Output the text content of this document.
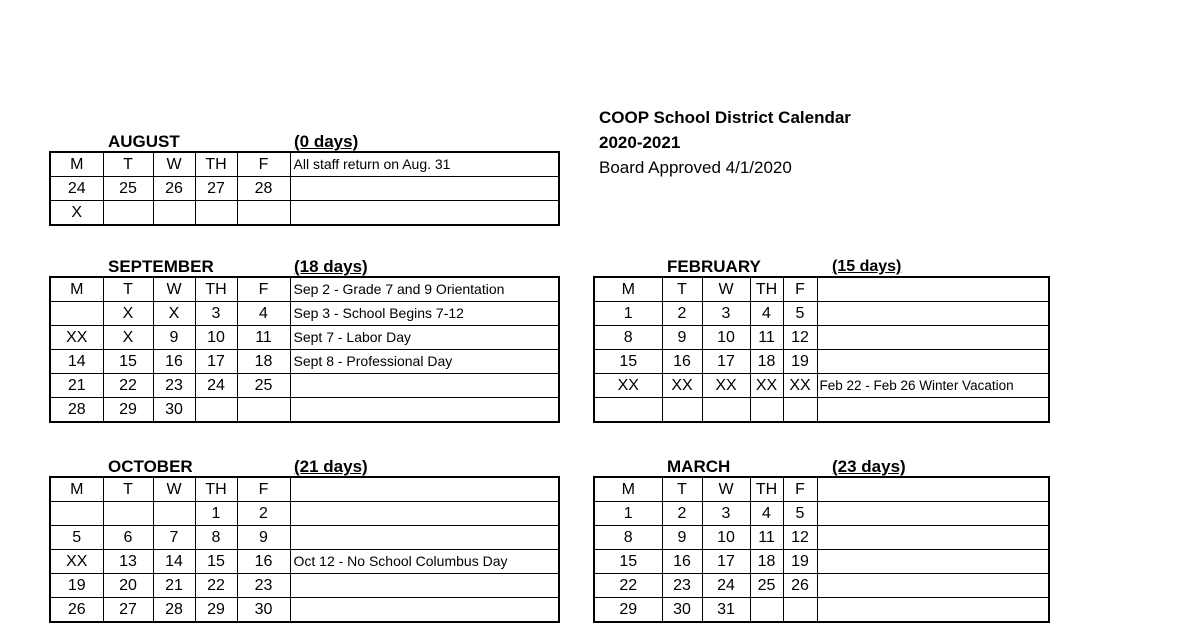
COOP School District Calendar
2020-2021
Board Approved 4/1/2020
AUGUST	(0 days)
M	T	W	TH	F	All staff return on Aug. 31
24	25	26	27	28	
X					
SEPTEMBER	(18 days)
M	T	W	TH	F	Sep 2 - Grade 7 and 9 Orientation
	X	X	3	4	Sep 3 - School Begins 7-12
XX	X	9	10	11	Sept 7 - Labor Day
14	15	16	17	18	Sept 8 - Professional Day
21	22	23	24	25	
28	29	30			
OCTOBER	(21 days)
M	T	W	TH	F	
			1	2	
5	6	7	8	9	
XX	13	14	15	16	Oct 12 - No School Columbus Day
19	20	21	22	23	
26	27	28	29	30	
FEBRUARY	(15 days)
M	T	W	TH	F	
1	2	3	4	5	
8	9	10	11	12	
15	16	17	18	19	
XX	XX	XX	XX	XX	Feb 22 - Feb 26 Winter Vacation

MARCH	(23 days)
M	T	W	TH	F	
1	2	3	4	5	
8	9	10	11	12	
15	16	17	18	19	
22	23	24	25	26	
29	30	31			
